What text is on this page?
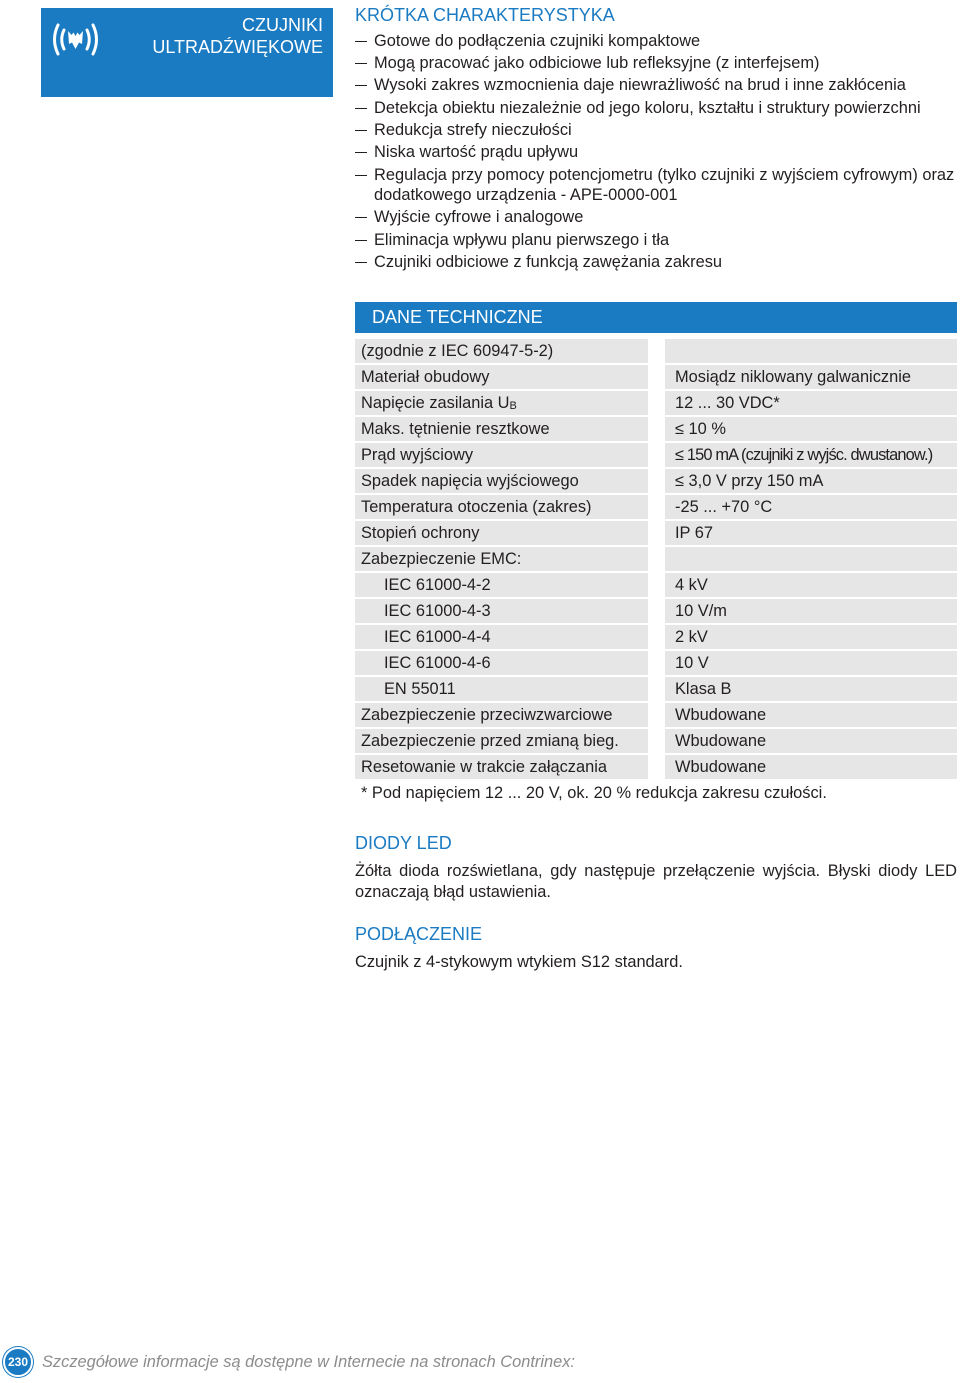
CZUJNIKI
ULTRADŹWIĘKOWE
KRÓTKA CHARAKTERYSTYKA
Gotowe do podłączenia czujniki kompaktowe
Mogą pracować jako odbiciowe lub refleksyjne (z interfejsem)
Wysoki zakres wzmocnienia daje niewrażliwość na brud i inne zakłócenia
Detekcja obiektu niezależnie od jego koloru, kształtu i struktury powierzchni
Redukcja strefy nieczułości
Niska wartość prądu upływu
Regulacja przy pomocy potencjometru (tylko czujniki z wyjściem cyfrowym) oraz dodatkowego urządzenia - APE-0000-001
Wyjście cyfrowe i analogowe
Eliminacja wpływu planu pierwszego i tła
Czujniki odbiciowe z funkcją zawężania zakresu
DANE TECHNICZNE
(zgodnie z IEC 60947-5-2)
Materiał obudowy	Mosiądz niklowany galwanicznie
Napięcie zasilania $U_B$	12 ... 30 VDC*
Maks. tętnienie resztkowe	≤ 10 %
Prąd wyjściowy	≤ 150 mA (czujniki z wyjśc. dwustanow.)
Spadek napięcia wyjściowego	≤ 3,0 V przy 150 mA
Temperatura otoczenia (zakres)	-25 ... +70 °C
Stopień ochrony	IP 67
Zabezpieczenie EMC:
IEC 61000-4-2	4 kV
IEC 61000-4-3	10 V/m
IEC 61000-4-4	2 kV
IEC 61000-4-6	10 V
EN 55011	Klasa B
Zabezpieczenie przeciwzwarciowe	Wbudowane
Zabezpieczenie przed zmianą bieg.	Wbudowane
Resetowanie w trakcie załączania	Wbudowane
* Pod napięciem 12 ... 20 V, ok. 20 % redukcja zakresu czułości.
DIODY LED

Żółta dioda rozświetlana, gdy następuje przełączenie wyjścia. Błyski diody LED oznaczają błąd ustawienia.

PODŁĄCZENIE

Czujnik z 4-stykowym wtykiem S12 standard.

230 Szczegółowe informacje są dostępne w Internecie na stronach Contrinex:
